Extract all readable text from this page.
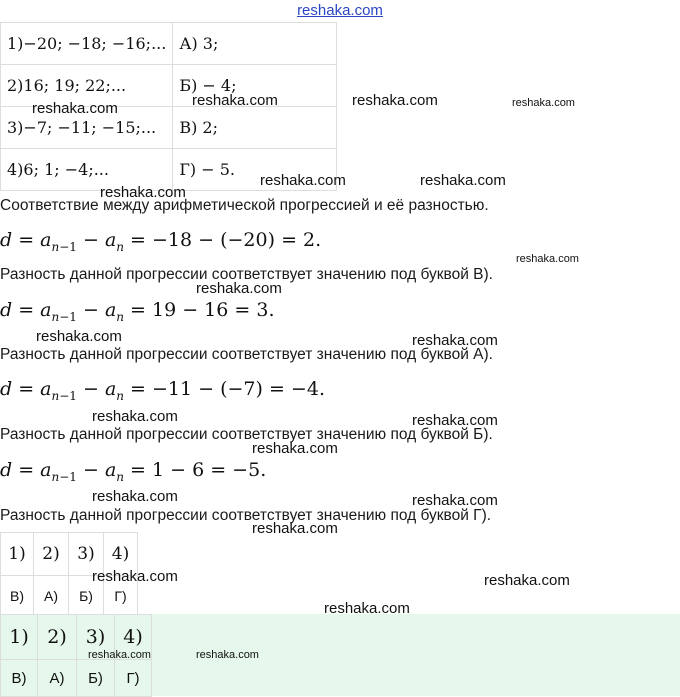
reshaka.com
1)−20; −18; −16;...	А) 3;
2)16; 19; 22;...	Б) − 4;
3)−7; −11; −15;...	В) 2;
4)6; 1; −4;...	Г) − 5.
Соответствие между арифметической прогрессией и её разностью.
$d = a_{n-1} - a_n = -18 - (-20) = 2$.
Разность данной прогрессии соответствует значению под буквой В).
$d = a_{n-1} - a_n = 19 - 16 = 3$.
Разность данной прогрессии соответствует значению под буквой А).
$d = a_{n-1} - a_n = -11 - (-7) = -4$.
Разность данной прогрессии соответствует значению под буквой Б).
$d = a_{n-1} - a_n = 1 - 6 = -5$.
Разность данной прогрессии соответствует значению под буквой Г).
1)	2)	3)	4)
В)	А)	Б)	Г)
1)	2)	3)	4)
В)	А)	Б)	Г)
reshaka.com	reshaka.com	reshaka.com	reshaka.com
reshaka.com
reshaka.com	reshaka.com
reshaka.com
reshaka.com
reshaka.com	reshaka.com
reshaka.com	reshaka.com
reshaka.com
reshaka.com	reshaka.com
reshaka.com
reshaka.com	reshaka.com
reshaka.com
reshaka.com	reshaka.com
